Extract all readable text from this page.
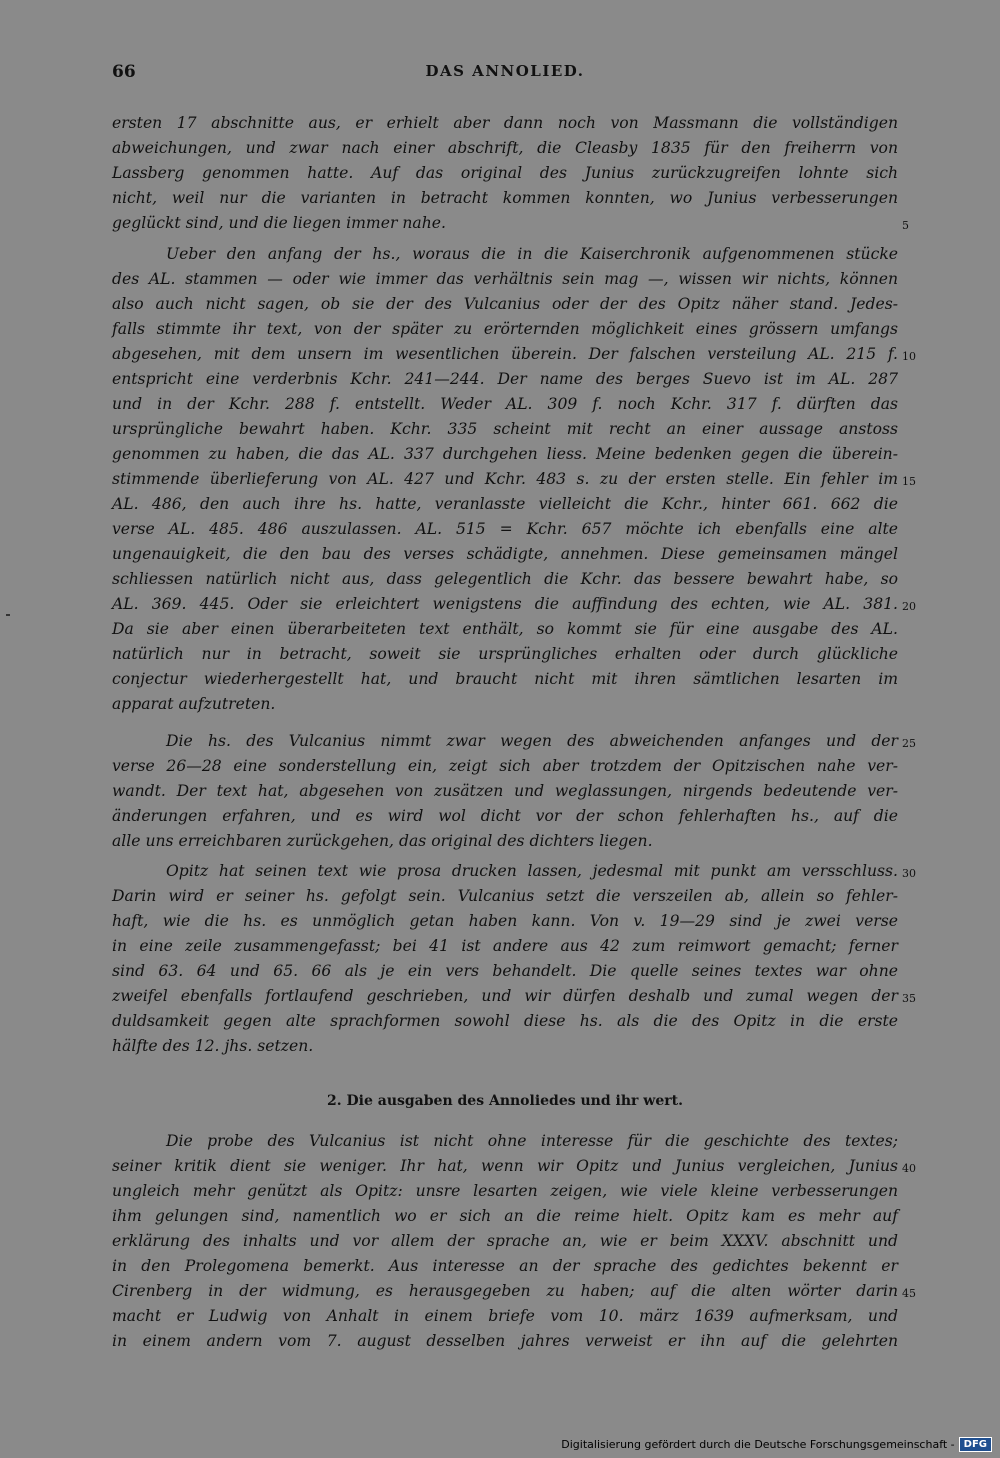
66	DAS ANNOLIED.
ersten 17 abschnitte aus, er erhielt aber dann noch von Massmann die vollständigen
abweichungen, und zwar nach einer abschrift, die Cleasby 1835 für den freiherrn von
Lassberg genommen hatte. Auf das original des Junius zurückzugreifen lohnte sich
nicht, weil nur die varianten in betracht kommen konnten, wo Junius verbesserungen
geglückt sind, und die liegen immer nahe.	5
Ueber den anfang der hs., woraus die in die Kaiserchronik aufgenommenen stücke
des AL. stammen — oder wie immer das verhältnis sein mag —, wissen wir nichts, können
also auch nicht sagen, ob sie der des Vulcanius oder der des Opitz näher stand. Jedes-
falls stimmte ihr text, von der später zu erörternden möglichkeit eines grössern umfangs
abgesehen, mit dem unsern im wesentlichen überein. Der falschen versteilung AL. 215 f. 10
entspricht eine verderbnis Kchr. 241—244. Der name des berges Suevo ist im AL. 287
und in der Kchr. 288 f. entstellt. Weder AL. 309 f. noch Kchr. 317 f. dürften das
ursprüngliche bewahrt haben. Kchr. 335 scheint mit recht an einer aussage anstoss
genommen zu haben, die das AL. 337 durchgehen liess. Meine bedenken gegen die überein-
stimmende überlieferung von AL. 427 und Kchr. 483 s. zu der ersten stelle. Ein fehler im 15
AL. 486, den auch ihre hs. hatte, veranlasste vielleicht die Kchr., hinter 661. 662 die
verse AL. 485. 486 auszulassen. AL. 515 = Kchr. 657 möchte ich ebenfalls eine alte
ungenauigkeit, die den bau des verses schädigte, annehmen. Diese gemeinsamen mängel
schliessen natürlich nicht aus, dass gelegentlich die Kchr. das bessere bewahrt habe, so
AL. 369. 445. Oder sie erleichtert wenigstens die auffindung des echten, wie AL. 381. 20
Da sie aber einen überarbeiteten text enthält, so kommt sie für eine ausgabe des AL.
natürlich nur in betracht, soweit sie ursprüngliches erhalten oder durch glückliche
conjectur wiederhergestellt hat, und braucht nicht mit ihren sämtlichen lesarten im
apparat aufzutreten.
Die hs. des Vulcanius nimmt zwar wegen des abweichenden anfanges und der 25
verse 26—28 eine sonderstellung ein, zeigt sich aber trotzdem der Opitzischen nahe ver-
wandt. Der text hat, abgesehen von zusätzen und weglassungen, nirgends bedeutende ver-
änderungen erfahren, und es wird wol dicht vor der schon fehlerhaften hs., auf die
alle uns erreichbaren zurückgehen, das original des dichters liegen.
Opitz hat seinen text wie prosa drucken lassen, jedesmal mit punkt am versschluss. 30
Darin wird er seiner hs. gefolgt sein. Vulcanius setzt die verszeilen ab, allein so fehler-
haft, wie die hs. es unmöglich getan haben kann. Von v. 19—29 sind je zwei verse
in eine zeile zusammengefasst; bei 41 ist andere aus 42 zum reimwort gemacht; ferner
sind 63. 64 und 65. 66 als je ein vers behandelt. Die quelle seines textes war ohne
zweifel ebenfalls fortlaufend geschrieben, und wir dürfen deshalb und zumal wegen der 35
duldsamkeit gegen alte sprachformen sowohl diese hs. als die des Opitz in die erste
hälfte des 12. jhs. setzen.
2. Die ausgaben des Annoliedes und ihr wert.
Die probe des Vulcanius ist nicht ohne interesse für die geschichte des textes;
seiner kritik dient sie weniger. Ihr hat, wenn wir Opitz und Junius vergleichen, Junius 40
ungleich mehr genützt als Opitz: unsre lesarten zeigen, wie viele kleine verbesserungen
ihm gelungen sind, namentlich wo er sich an die reime hielt. Opitz kam es mehr auf
erklärung des inhalts und vor allem der sprache an, wie er beim XXXV. abschnitt und
in den Prolegomena bemerkt. Aus interesse an der sprache des gedichtes bekennt er
Cirenberg in der widmung, es herausgegeben zu haben; auf die alten wörter darin 45
macht er Ludwig von Anhalt in einem briefe vom 10. märz 1639 aufmerksam, und
in einem andern vom 7. august desselben jahres verweist er ihn auf die gelehrten
Digitalisierung gefördert durch die Deutsche Forschungsgemeinschaft - DFG
